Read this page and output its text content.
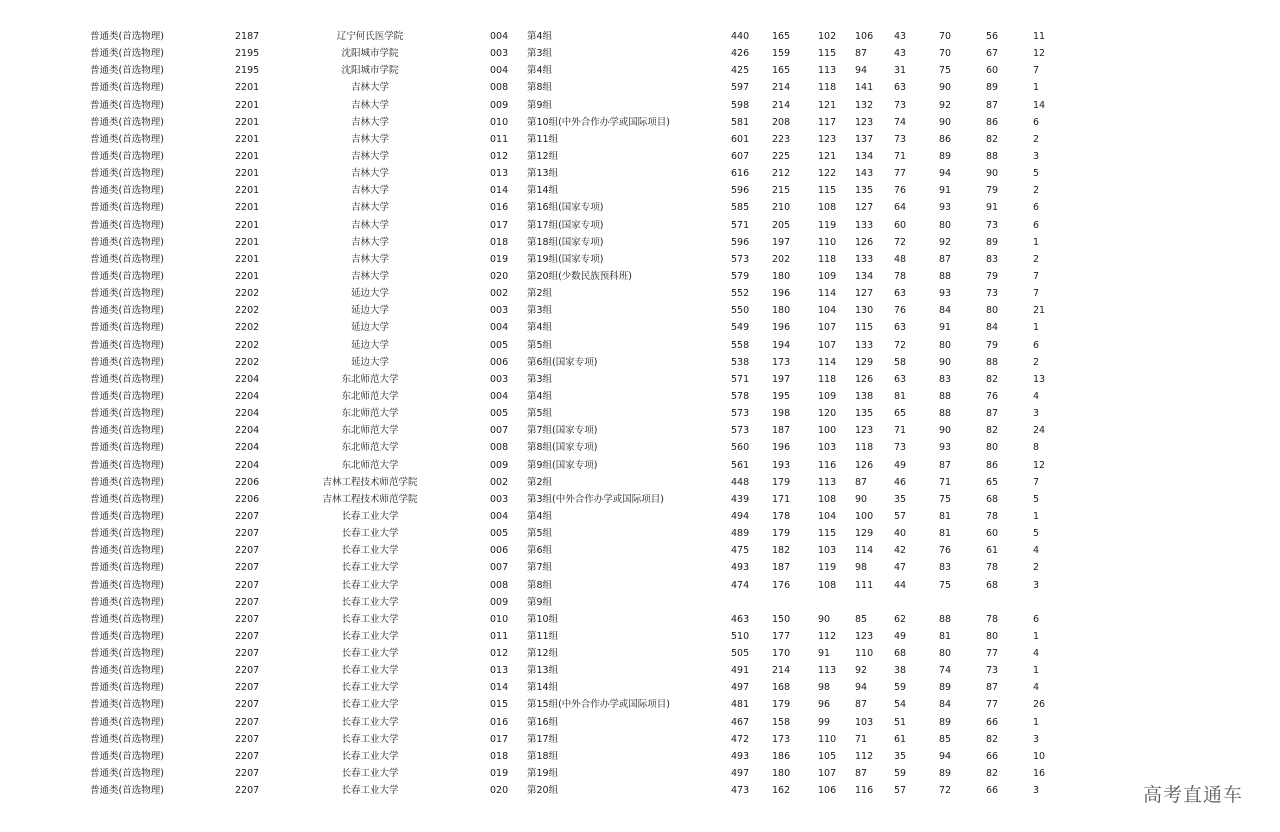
普通类(首选物理)	2187	辽宁何氏医学院	004 第4组	440 165	102 106 43	70	56	11
普通类(首选物理)	2195	沈阳城市学院	003 第3组	426 159	115 87	43	70	67	12
普通类(首选物理)	2195	沈阳城市学院	004 第4组	425 165	113 94	31	75	60	7
普通类(首选物理)	2201	吉林大学	008 第8组	597 214	118 141 63	90	89	1
普通类(首选物理)	2201	吉林大学	009 第9组	598 214	121 132 73	92	87	14
普通类(首选物理)	2201	吉林大学	010 第10组(中外合作办学或国际项目)	581 208	117 123 74	90	86	6
普通类(首选物理)	2201	吉林大学	011 第11组	601 223	123 137 73	86	82	2
普通类(首选物理)	2201	吉林大学	012 第12组	607 225	121 134 71	89	88	3
普通类(首选物理)	2201	吉林大学	013 第13组	616 212	122 143 77	94	90	5
普通类(首选物理)	2201	吉林大学	014 第14组	596 215	115 135 76	91	79	2
普通类(首选物理)	2201	吉林大学	016 第16组(国家专项)	585 210	108 127 64	93	91	6
普通类(首选物理)	2201	吉林大学	017 第17组(国家专项)	571 205	119 133 60	80	73	6
普通类(首选物理)	2201	吉林大学	018 第18组(国家专项)	596 197	110 126 72	92	89	1
普通类(首选物理)	2201	吉林大学	019 第19组(国家专项)	573 202	118 133 48	87	83	2
普通类(首选物理)	2201	吉林大学	020 第20组(少数民族预科班)	579 180	109 134 78	88	79	7
普通类(首选物理)	2202	延边大学	002 第2组	552 196	114 127 63	93	73	7
普通类(首选物理)	2202	延边大学	003 第3组	550 180	104 130 76	84	80	21
普通类(首选物理)	2202	延边大学	004 第4组	549 196	107 115 63	91	84	1
普通类(首选物理)	2202	延边大学	005 第5组	558 194	107 133 72	80	79	6
普通类(首选物理)	2202	延边大学	006 第6组(国家专项)	538 173	114 129 58	90	88	2
普通类(首选物理)	2204	东北师范大学	003 第3组	571 197	118 126 63	83	82	13
普通类(首选物理)	2204	东北师范大学	004 第4组	578 195	109 138 81	88	76	4
普通类(首选物理)	2204	东北师范大学	005 第5组	573 198	120 135 65	88	87	3
普通类(首选物理)	2204	东北师范大学	007 第7组(国家专项)	573 187	100 123 71	90	82	24
普通类(首选物理)	2204	东北师范大学	008 第8组(国家专项)	560 196	103 118 73	93	80	8
普通类(首选物理)	2204	东北师范大学	009 第9组(国家专项)	561 193	116 126 49	87	86	12
普通类(首选物理)	2206	吉林工程技术师范学院	002 第2组	448 179	113 87	46	71	65	7
普通类(首选物理)	2206	吉林工程技术师范学院	003 第3组(中外合作办学或国际项目)	439 171	108 90	35	75	68	5
普通类(首选物理)	2207	长春工业大学	004 第4组	494 178	104 100 57	81	78	1
普通类(首选物理)	2207	长春工业大学	005 第5组	489 179	115 129 40	81	60	5
普通类(首选物理)	2207	长春工业大学	006 第6组	475 182	103 114 42	76	61	4
普通类(首选物理)	2207	长春工业大学	007 第7组	493 187	119 98	47	83	78	2
普通类(首选物理)	2207	长春工业大学	008 第8组	474 176	108 111 44	75	68	3
普通类(首选物理)	2207	长春工业大学	009 第9组
普通类(首选物理)	2207	长春工业大学	010 第10组	463 150	90	85	62	88	78	6
普通类(首选物理)	2207	长春工业大学	011 第11组	510 177	112 123 49	81	80	1
普通类(首选物理)	2207	长春工业大学	012 第12组	505 170	91	110 68	80	77	4
普通类(首选物理)	2207	长春工业大学	013 第13组	491 214	113 92	38	74	73	1
普通类(首选物理)	2207	长春工业大学	014 第14组	497 168	98	94	59	89	87	4
普通类(首选物理)	2207	长春工业大学	015 第15组(中外合作办学或国际项目)	481 179	96	87	54	84	77	26
普通类(首选物理)	2207	长春工业大学	016 第16组	467 158	99	103 51	89	66	1
普通类(首选物理)	2207	长春工业大学	017 第17组	472 173	110 71	61	85	82	3
普通类(首选物理)	2207	长春工业大学	018 第18组	493 186	105 112 35	94	66	10
普通类(首选物理)	2207	长春工业大学	019 第19组	497 180	107 87	59	89	82	16
普通类(首选物理)	2207	长春工业大学	020 第20组	473 162	106 116 57	72	66	3	高考直通车
